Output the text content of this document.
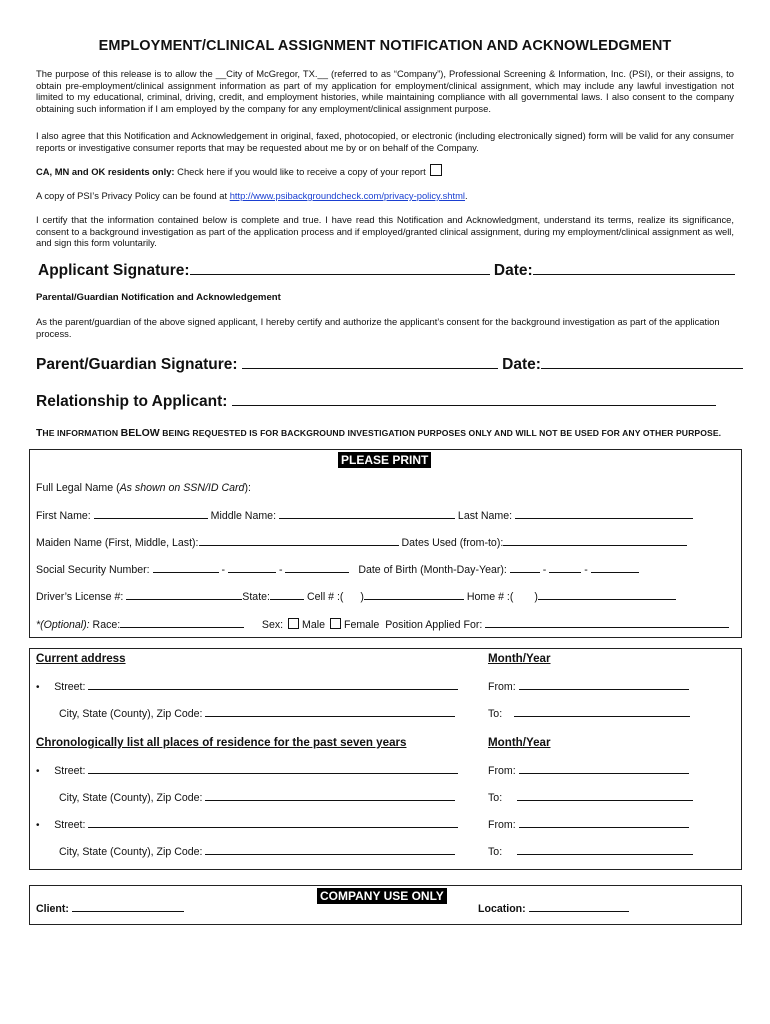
EMPLOYMENT/CLINICAL ASSIGNMENT NOTIFICATION AND ACKNOWLEDGMENT
The purpose of this release is to allow the __City of McGregor, TX.__ (referred to as “Company”), Professional Screening & Information, Inc. (PSI), or their assigns, to obtain pre-employment/clinical assignment information as part of my application for employment/clinical assignment, which may include any lawful investigation not limited to my educational, criminal, driving, credit, and employment histories, while maintaining compliance with all governmental laws. I also consent to the company obtaining such information if I am employed by the company for any employment/clinical assignment purpose.
I also agree that this Notification and Acknowledgement in original, faxed, photocopied, or electronic (including electronically signed) form will be valid for any consumer reports or investigative consumer reports that may be requested about me by or on behalf of the Company.
CA, MN and OK residents only: Check here if you would like to receive a copy of your report
A copy of PSI’s Privacy Policy can be found at http://www.psibackgroundcheck.com/privacy-policy.shtml.
I certify that the information contained below is complete and true. I have read this Notification and Acknowledgment, understand its terms, realize its significance, consent to a background investigation as part of the application process and if employed/granted clinical assignment, during my employment/clinical assignment as well, and sign this form voluntarily.
Applicant Signature:	Date:
Parental/Guardian Notification and Acknowledgement
As the parent/guardian of the above signed applicant, I hereby certify and authorize the applicant’s consent for the background investigation as part of the application process.
Parent/Guardian Signature:	Date:
Relationship to Applicant:
THE INFORMATION BELOW BEING REQUESTED IS FOR BACKGROUND INVESTIGATION PURPOSES ONLY AND WILL NOT BE USED FOR ANY OTHER PURPOSE.
PLEASE PRINT
Full Legal Name (As shown on SSN/ID Card):
First Name:	Middle Name:	Last Name:
Maiden Name (First, Middle, Last):	Dates Used (from-to):
Social Security Number:	-	-	Date of Birth (Month-Day-Year):	-	-
Driver’s License #:	State:	Cell # :( )	Home # :( )
*(Optional): Race:	Sex: Male Female Position Applied For:
Current address	Month/Year
• Street:	From:
City, State (County), Zip Code:	To:
Chronologically list all places of residence for the past seven years	Month/Year
• Street:	From:
City, State (County), Zip Code:	To:
• Street:	From:
City, State (County), Zip Code:	To:
COMPANY USE ONLY
Client:	Location:
